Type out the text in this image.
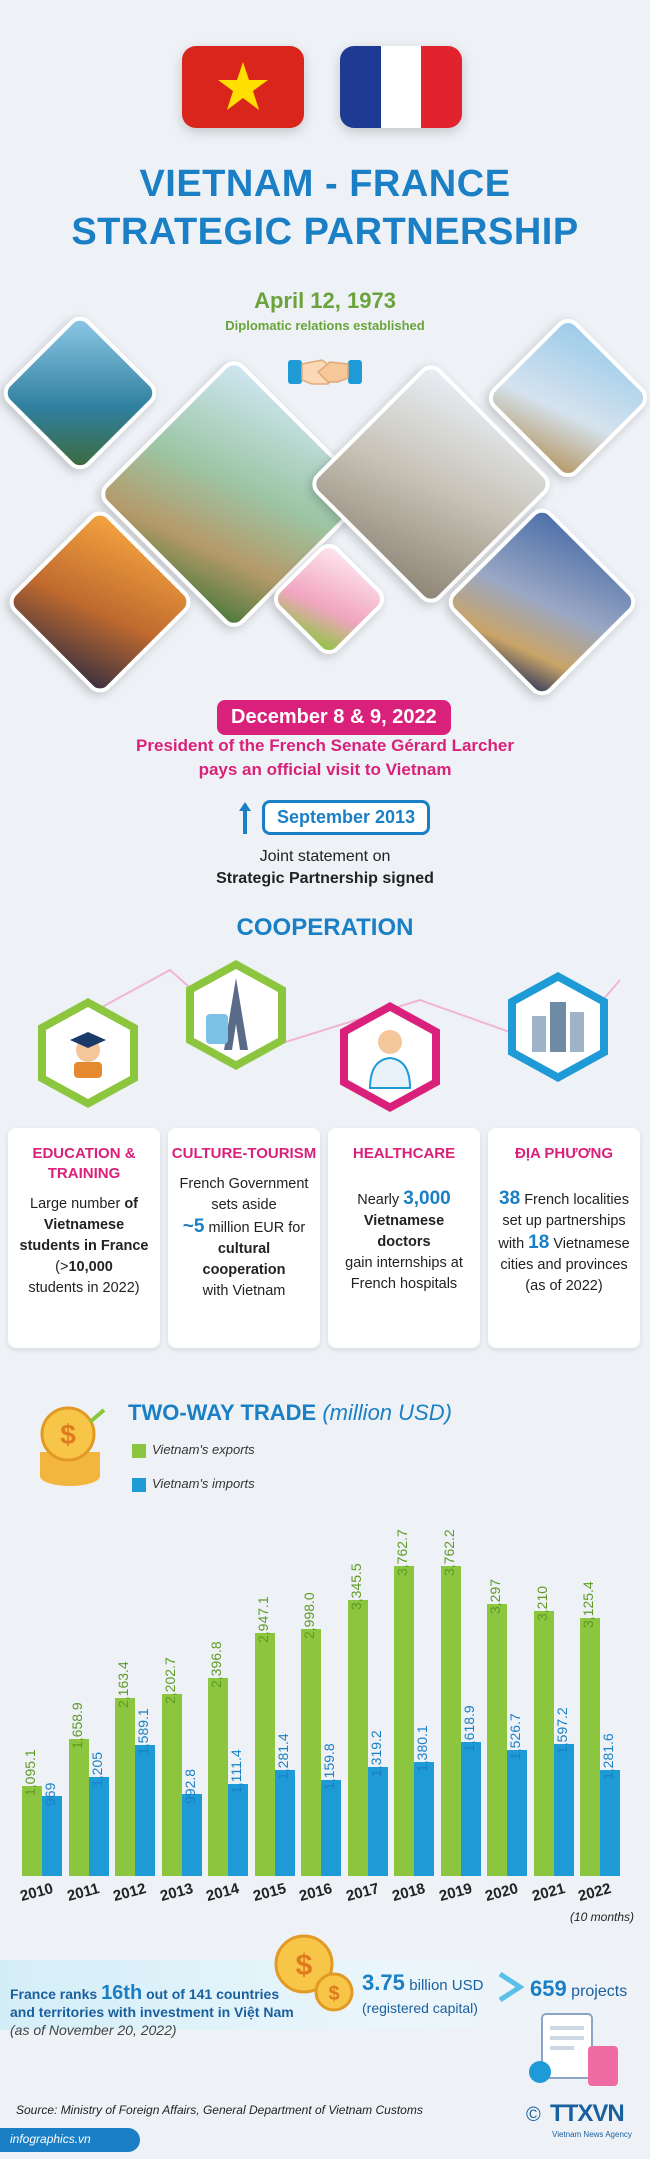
VIETNAM - FRANCE
STRATEGIC PARTNERSHIP
April 12, 1973
Diplomatic relations established
December 8 & 9, 2022
President of the French Senate Gérard Larcher
pays an official visit to Vietnam
September 2013
Joint statement on
Strategic Partnership signed
COOPERATION
EDUCATION & TRAINING
Large number of Vietnamese students in France
(>10,000
students in 2022)
CULTURE-TOURISM
French Government sets aside
~5 million EUR for
cultural cooperation
with Vietnam
HEALTHCARE
Nearly 3,000
Vietnamese doctors
gain internships at French hospitals
ĐỊA PHƯƠNG
38 French localities set up partnerships
with 18 Vietnamese cities and provinces (as of 2022)
$
TWO-WAY TRADE (million USD)
Vietnam's exports
Vietnam's imports
1,095.1 969
2010
1,658.9
1,205
2011
2,163.4
1,589.1
2012
2,202.7
992.8
2013
2,396.8
1,111.4
2014
2,947.1
1,281.4
2015
2,998.0
1,159.8
2016
3,345.5
1,319.2
2017
3,762.7
1,380.1
2018
3,762.2
1,618.9
2019
3,297
1,526.7
2020
3,210
1,597.2
2021
3,125.4
1,281.6
2022
(10 months)
France ranks 16th out of 141 countries
and territories with investment in Việt Nam
(as of November 20, 2022)
$
$ 3.75 billion USD
(registered capital)
659 projects
Source: Ministry of Foreign Affairs, General Department of Vietnam Customs
infographics.vn
© TTXVN
Vietnam News Agency
